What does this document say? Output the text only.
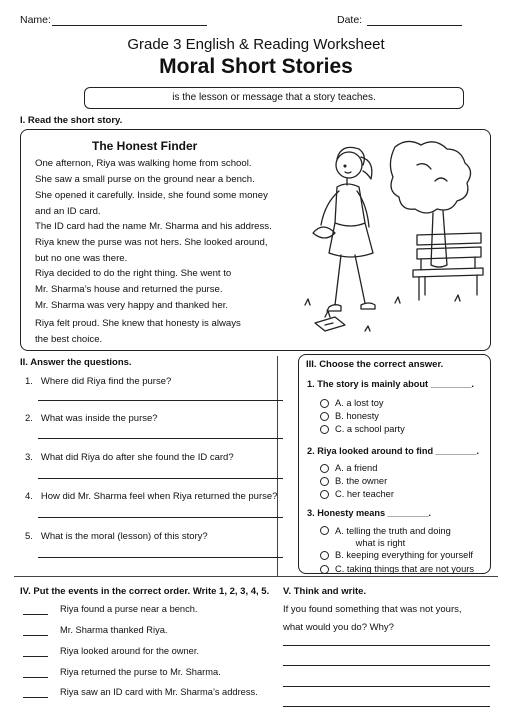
Name:	Date:
Grade 3 English & Reading Worksheet
Moral Short Stories
is the lesson or message that a story teaches.
I. Read the short story.
The Honest Finder
One afternon, Riya was walking home from school.
She saw a small purse on the ground near a bench.
She opened it carefully. Inside, she found some money
and an ID card.
The ID card had the name Mr. Sharma and his address.
Riya knew the purse was not hers. She looked around,
but no one was there.
Riya decided to do the right thing. She went to
Mr. Sharma’s house and returned the purse.
Mr. Sharma was very happy and thanked her.
Riya felt proud. She knew that honesty is always
the best choice.
II. Answer the questions.
1. Where did Riya find the purse?
2. What was inside the purse?
3. What did Riya do after she found the ID card?
4. How did Mr. Sharma feel when Riya returned the purse?
5. What is the moral (lesson) of this story?
III. Choose the correct answer.
1. The story is mainly about ________.
A. a lost toy
B. honesty
C. a school party
2. Riya looked around to find ________.
A. a friend
B. the owner
C. her teacher
3. Honesty means ________.
A. telling the truth and doing
what is right
B. keeping everything for yourself
C. taking things that are not yours
IV. Put the events in the correct order. Write 1, 2, 3, 4, 5.
Riya found a purse near a bench.
Mr. Sharma thanked Riya.
Riya looked around for the owner.
Riya returned the purse to Mr. Sharma.
Riya saw an ID card with Mr. Sharma’s address.
V. Think and write.
If you found something that was not yours,
what would you do? Why?
